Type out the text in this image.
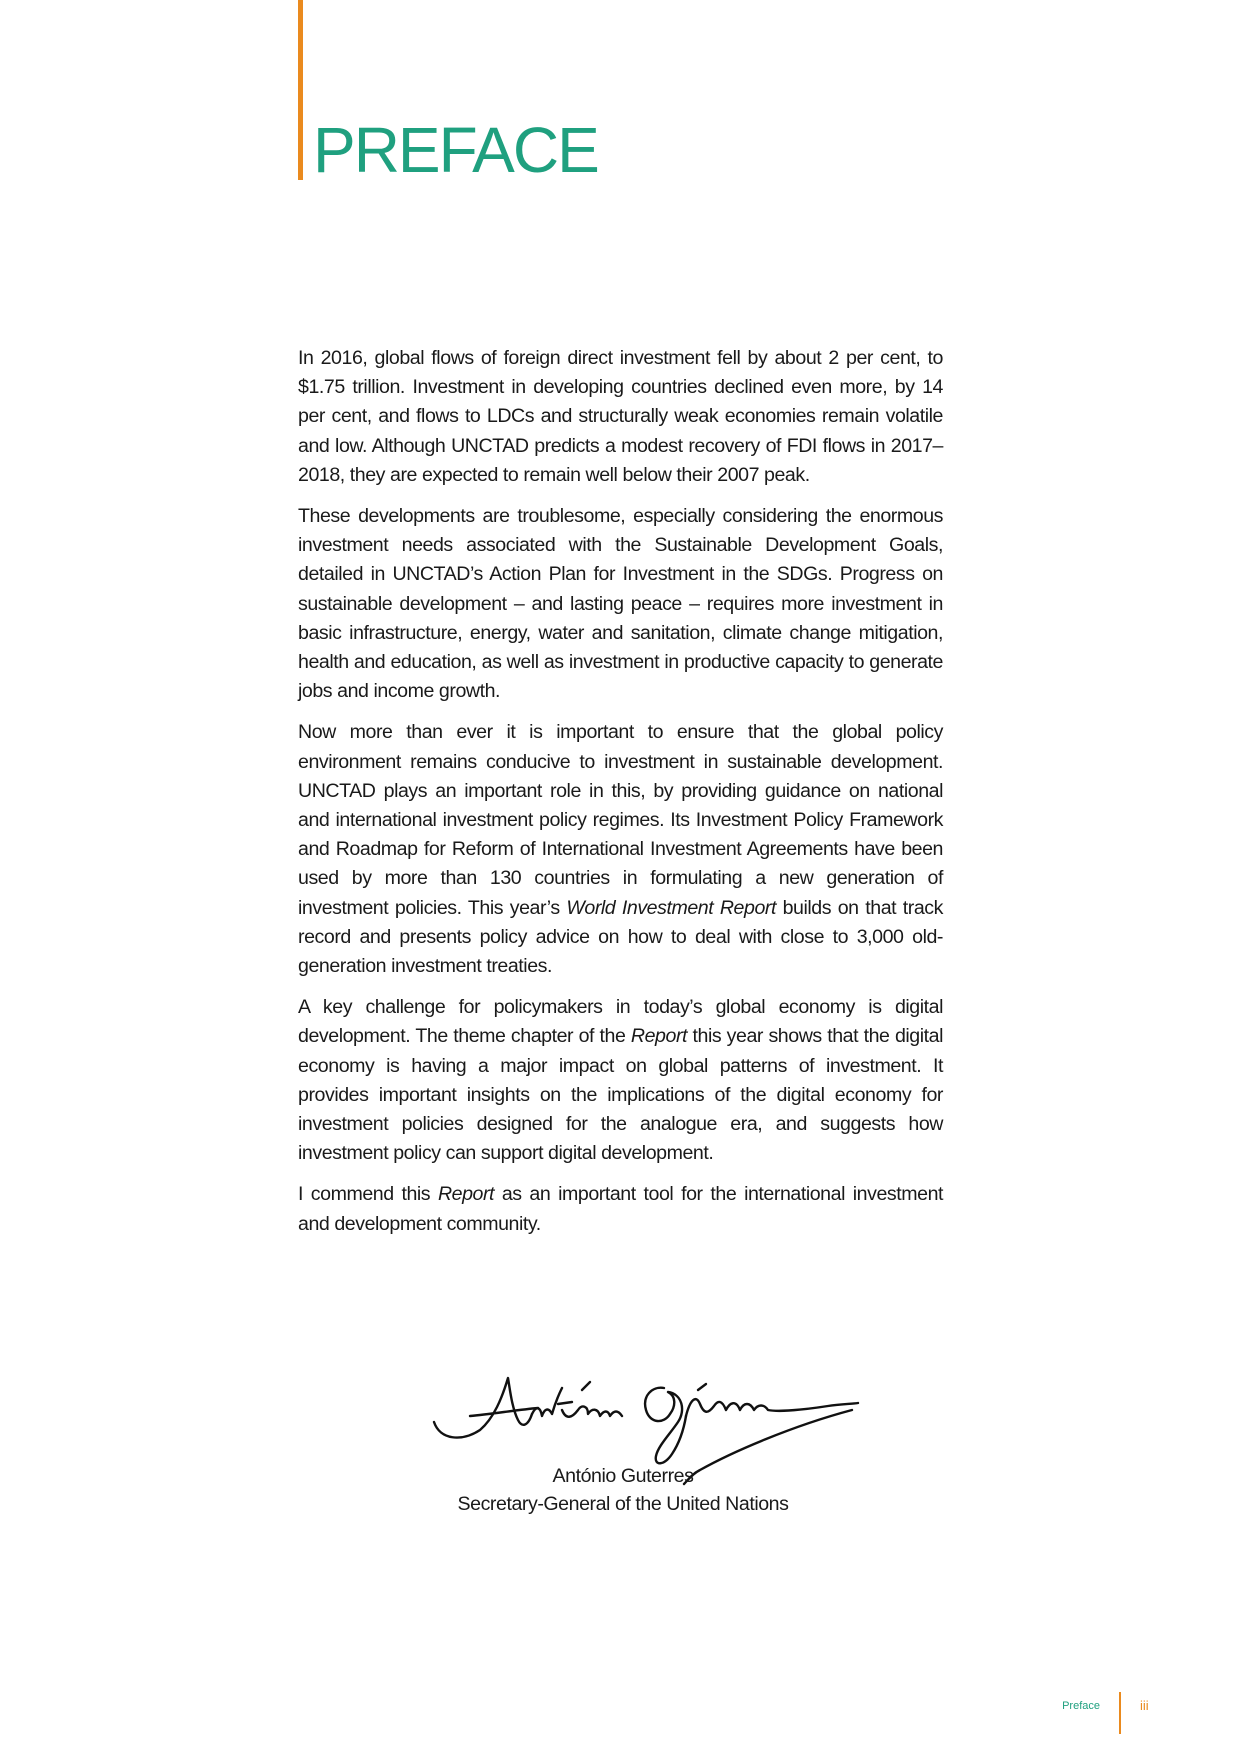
PREFACE

In 2016, global flows of foreign direct investment fell by about 2 per cent, to $1.75 trillion. Investment in developing countries declined even more, by 14 per cent, and flows to LDCs and structurally weak economies remain volatile and low. Although UNCTAD predicts a modest recovery of FDI flows in 2017–2018, they are expected to remain well below their 2007 peak.

These developments are troublesome, especially considering the enormous investment needs associated with the Sustainable Development Goals, detailed in UNCTAD’s Action Plan for Investment in the SDGs. Progress on sustainable development – and lasting peace – requires more investment in basic infrastructure, energy, water and sanitation, climate change mitigation, health and education, as well as investment in productive capacity to generate jobs and income growth.

Now more than ever it is important to ensure that the global policy environment remains conducive to investment in sustainable development. UNCTAD plays an important role in this, by providing guidance on national and international investment policy regimes. Its Investment Policy Framework and Roadmap for Reform of International Investment Agreements have been used by more than 130 countries in formulating a new generation of investment policies. This year’s World Investment Report builds on that track record and presents policy advice on how to deal with close to 3,000 old-generation investment treaties.

A key challenge for policymakers in today’s global economy is digital development. The theme chapter of the Report this year shows that the digital economy is having a major impact on global patterns of investment. It provides important insights on the implications of the digital economy for investment policies designed for the analogue era, and suggests how investment policy can support digital development.

I commend this Report as an important tool for the international investment and development community.

António Guterres
Secretary-General of the United Nations
Preface	iii
